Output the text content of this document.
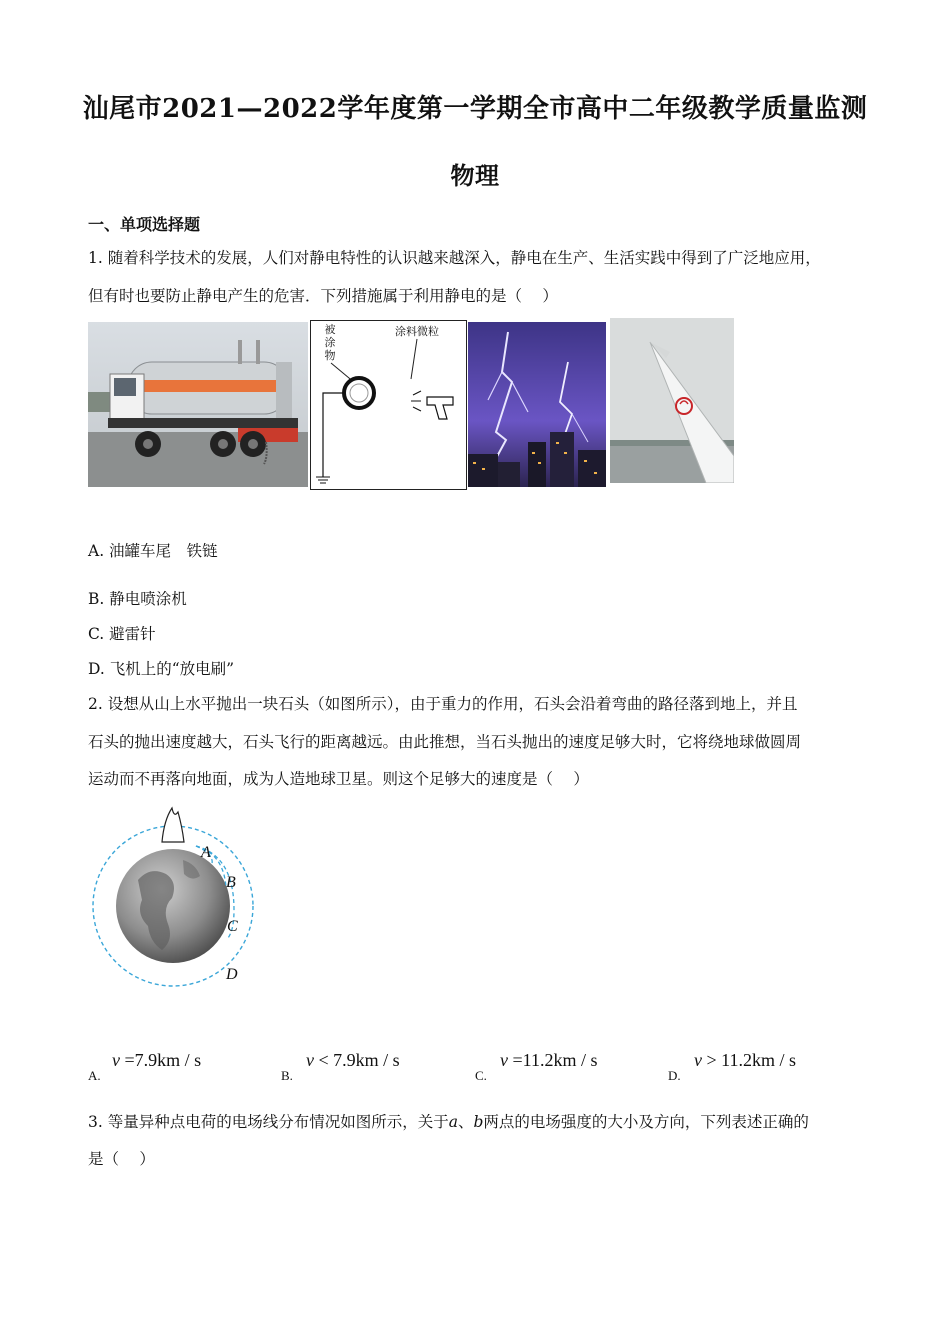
汕尾市2021—2022学年度第一学期全市高中二年级教学质量监测
物理
一、单项选择题
1. 随着科学技术的发展，人们对静电特性的认识越来越深入，静电在生产、生活实践中得到了广泛地应用，
但有时也要防止静电产生的危害．下列措施属于利用静电的是（　 ）
被
涂
物
涂料微粒
A. 油罐车尾　铁链
B. 静电喷涂机
C. 避雷针
D. 飞机上的“放电刷”
2. 设想从山上水平抛出一块石头（如图所示），由于重力的作用，石头会沿着弯曲的路径落到地上，并且
石头的抛出速度越大，石头飞行的距离越远。由此推想，当石头抛出的速度足够大时，它将绕地球做圆周
运动而不再落向地面，成为人造地球卫星。则这个足够大的速度是（　 ）
A
B
C
D
A.
v =7.9km / s
B.
v < 7.9km / s
C.
v =11.2km / s
D.
v > 11.2km / s
3. 等量异种点电荷的电场线分布情况如图所示，关于a、b两点的电场强度的大小及方向，下列表述正确的
是（　 ）
